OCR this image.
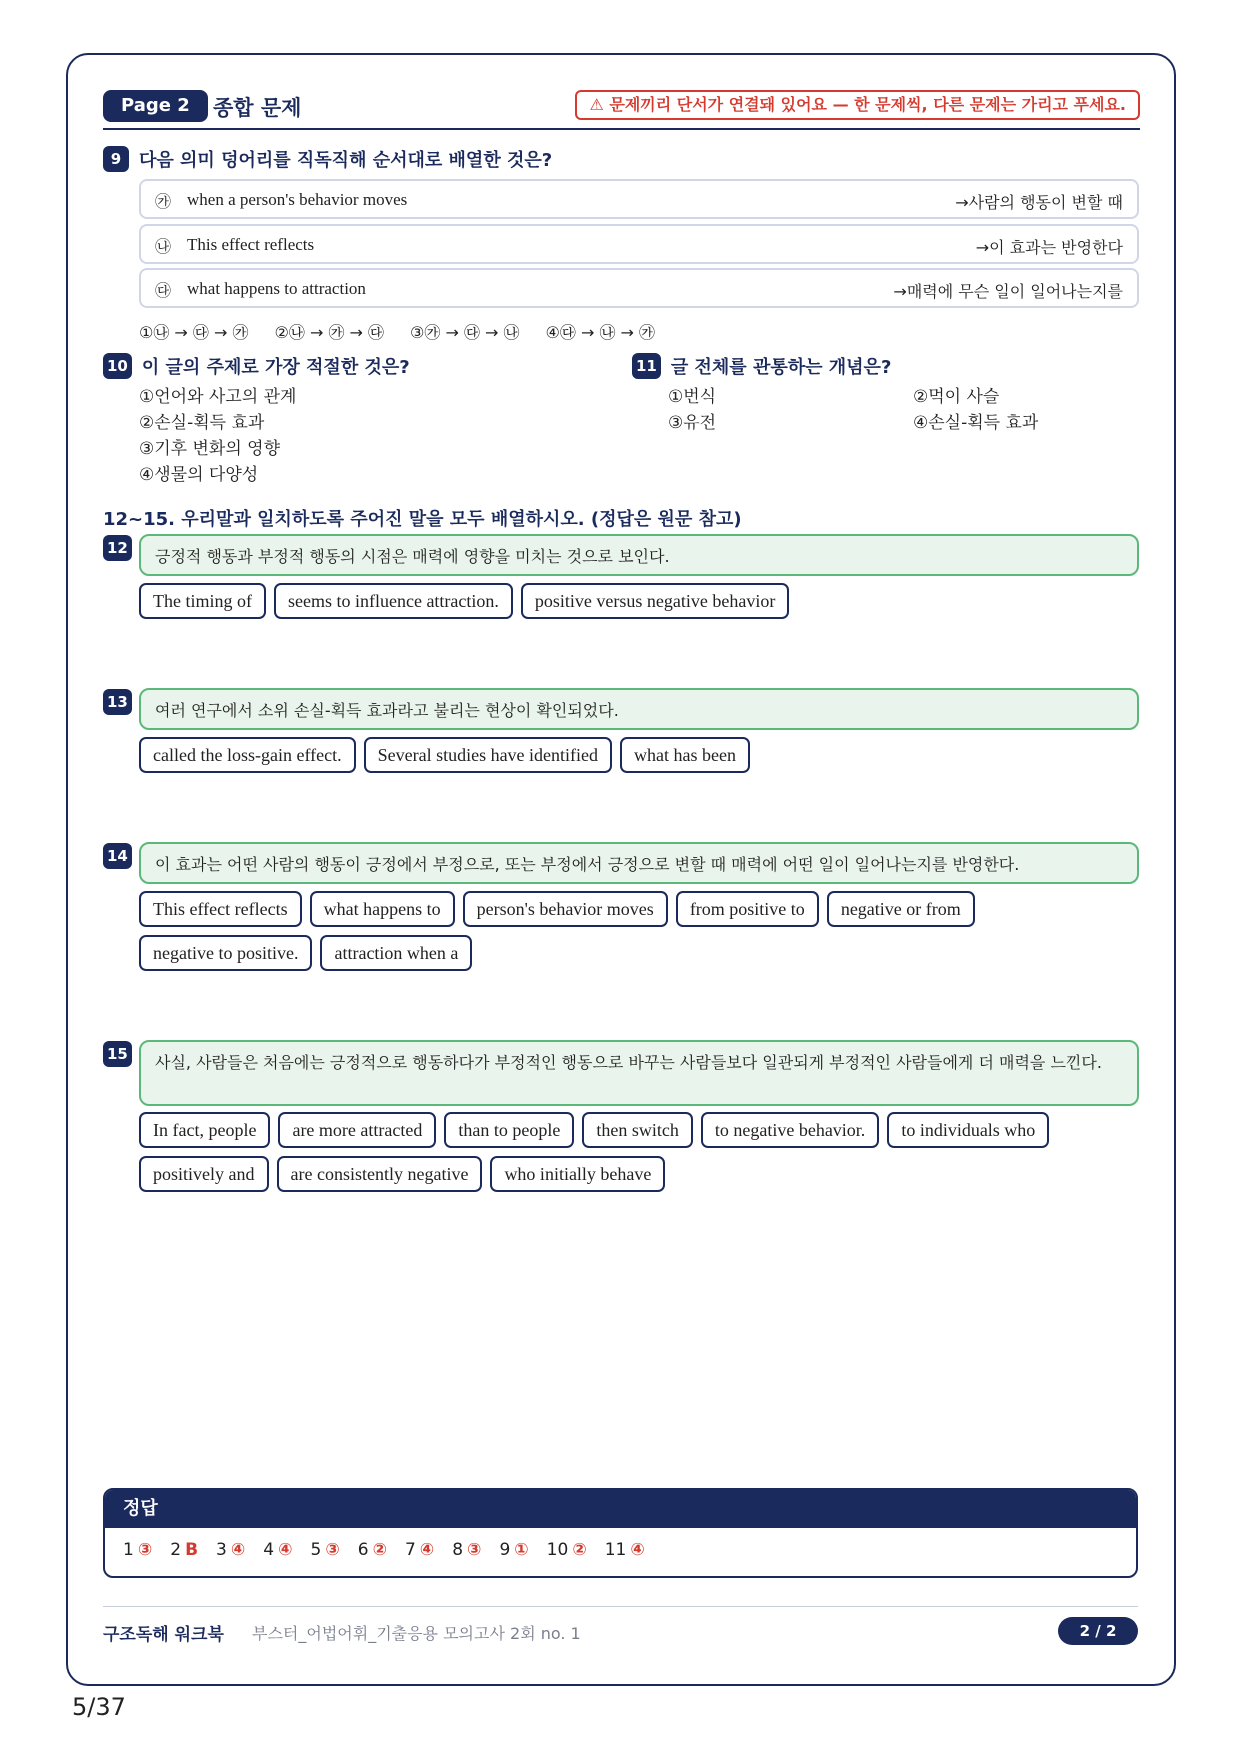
Page 2	종합 문제	⚠ 문제끼리 단서가 연결돼 있어요 — 한 문제씩, 다른 문제는 가리고 푸세요.
9 다음 의미 덩어리를 직독직해 순서대로 배열한 것은?
㉮ when a person's behavior moves	→사람의 행동이 변할 때
㉯ This effect reflects	→이 효과는 반영한다
㉰ what happens to attraction	→매력에 무슨 일이 일어나는지를
①㉯ → ㉰ → ㉮ ②㉯ → ㉮ → ㉰ ③㉮ → ㉰ → ㉯ ④㉰ → ㉯ → ㉮
10 이 글의 주제로 가장 적절한 것은?
①언어와 사고의 관계
②손실-획득 효과
③기후 변화의 영향
④생물의 다양성
11 글 전체를 관통하는 개념은?
①번식	②먹이 사슬
③유전	④손실-획득 효과
12~15. 우리말과 일치하도록 주어진 말을 모두 배열하시오. (정답은 원문 참고)
12	긍정적 행동과 부정적 행동의 시점은 매력에 영향을 미치는 것으로 보인다.
The timing of	seems to influence attraction.	positive versus negative behavior
13	여러 연구에서 소위 손실-획득 효과라고 불리는 현상이 확인되었다.
called the loss-gain effect.	Several studies have identified	what has been
14	이 효과는 어떤 사람의 행동이 긍정에서 부정으로, 또는 부정에서 긍정으로 변할 때 매력에 어떤 일이 일어나는지를 반영한다.
This effect reflects	what happens to	person's behavior moves	from positive to	negative or from
negative to positive.	attraction when a
15	사실, 사람들은 처음에는 긍정적으로 행동하다가 부정적인 행동으로 바꾸는 사람들보다 일관되게 부정적인 사람들에게 더 매력을 느낀다.
In fact, people	are more attracted	than to people	then switch	to negative behavior.	to individuals who
positively and	are consistently negative	who initially behave
정답
1 ③ 2 B 3 ④ 4 ④ 5 ③ 6 ② 7 ④ 8 ③ 9 ① 10 ② 11 ④
구조독해 워크북 부스터_어법어휘_기출응용 모의고사 2회 no. 1	2 / 2
5/37
